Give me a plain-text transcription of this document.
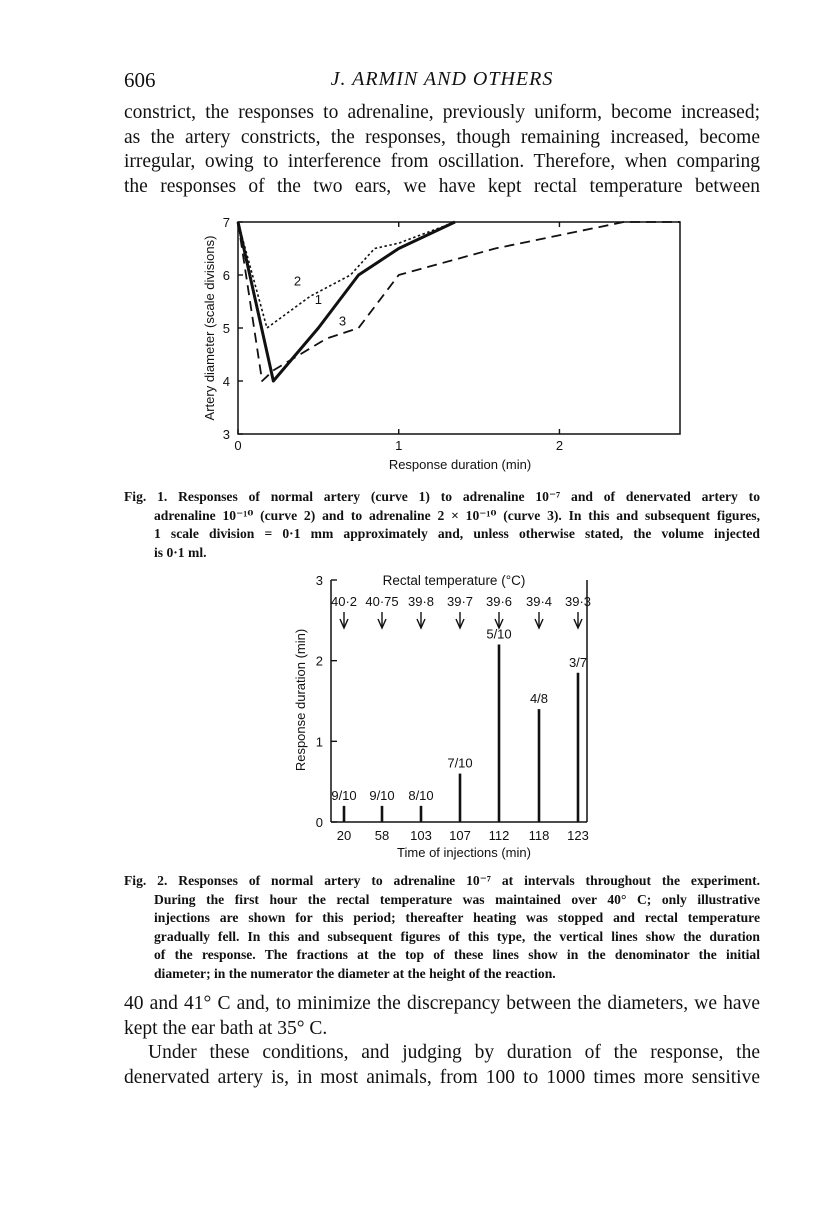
606	J. ARMIN AND OTHERS
constrict, the responses to adrenaline, previously uniform, become increased;
as the artery constricts, the responses, though remaining increased, become
irregular, owing to interference from oscillation. Therefore, when comparing
the responses of the two ears, we have kept rectal temperature between
3
4
5
6
7
0	1	2
2
1
3
Artery diameter (scale divisions)
Response duration (min)
Fig. 1. Responses of normal artery (curve 1) to adrenaline 10⁻⁷ and of denervated artery to
adrenaline 10⁻¹⁰ (curve 2) and to adrenaline 2 × 10⁻¹⁰ (curve 3). In this and subsequent figures,
1 scale division = 0·1 mm approximately and, unless otherwise stated, the volume injected
is 0·1 ml.
0
1
2
3
9/10
20
40·2
9/10
58
40·75
8/10
103
39·8
7/10
107
39·7
5/10
112
39·6
4/8
118
39·4
3/7
123
39·3
Rectal temperature (°C)
Response duration (min)
Time of injections (min)
Fig. 2. Responses of normal artery to adrenaline 10⁻⁷ at intervals throughout the experiment.
During the first hour the rectal temperature was maintained over 40° C; only illustrative
injections are shown for this period; thereafter heating was stopped and rectal temperature
gradually fell. In this and subsequent figures of this type, the vertical lines show the duration
of the response. The fractions at the top of these lines show in the denominator the initial
diameter; in the numerator the diameter at the height of the reaction.
40 and 41° C and, to minimize the discrepancy between the diameters, we have
kept the ear bath at 35° C.
Under these conditions, and judging by duration of the response, the
denervated artery is, in most animals, from 100 to 1000 times more sensitive
